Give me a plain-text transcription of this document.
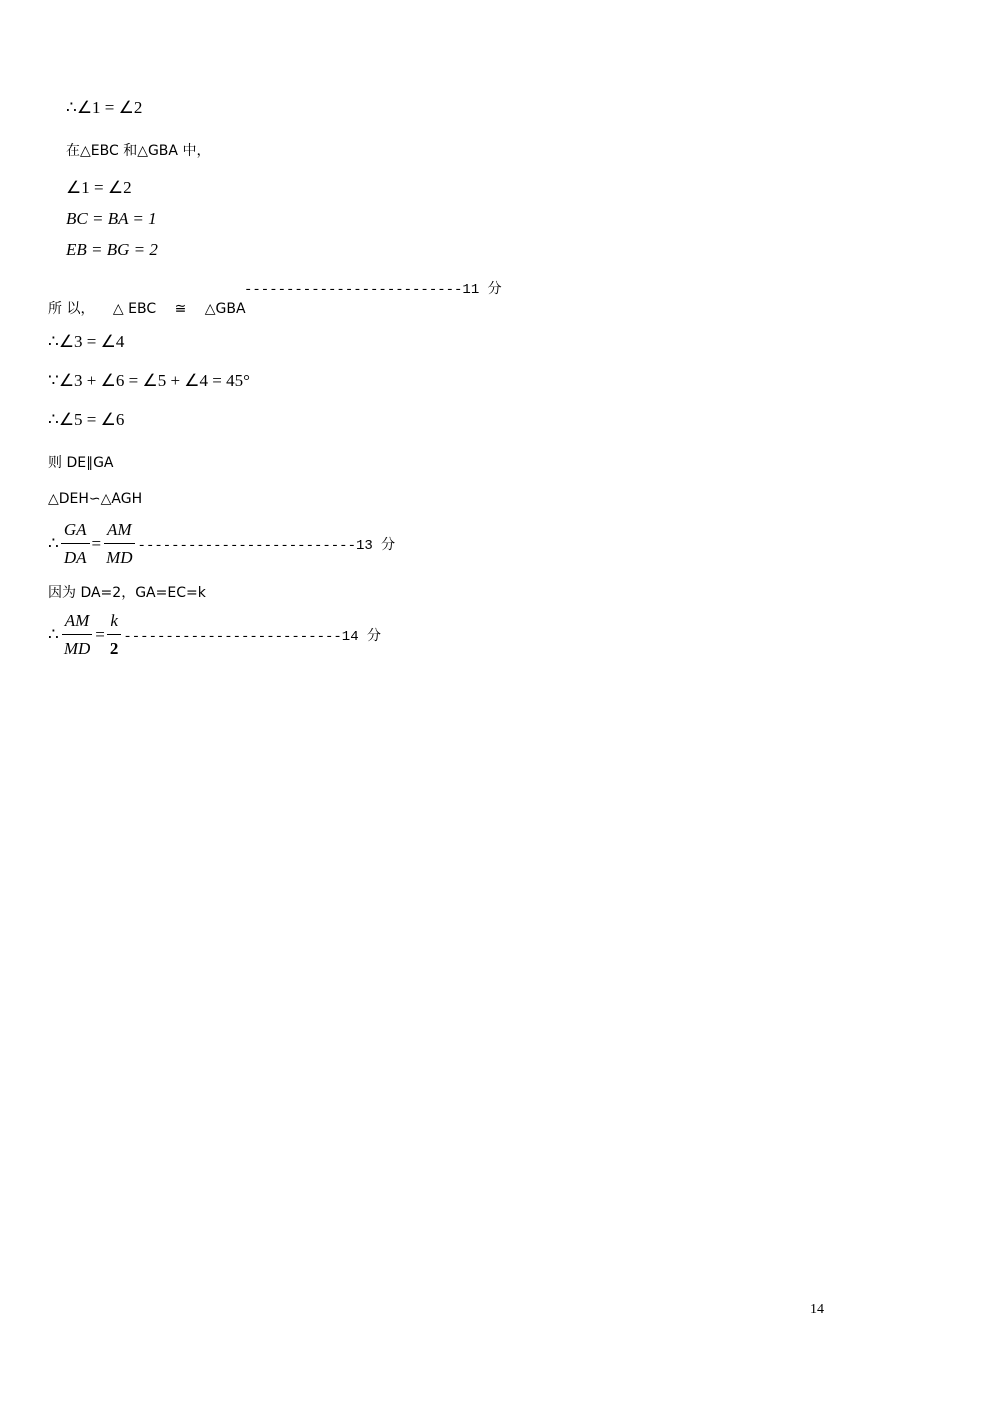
∴∠1 = ∠2
在△EBC 和△GBA 中，
∠1 = ∠2
BC = BA = 1
EB = BG = 2
--------------------------11 分
所 以， △ EBC ≅ △GBA
∴∠3 = ∠4
∵∠3 + ∠6 = ∠5 + ∠4 = 45°
∴∠5 = ∠6
则 DE∥GA
△DEH∽△AGH
∴ $\frac{GA}{DA} = \frac{AM}{MD} --------------------------13$ 分
因为 DA=2，GA=EC=k
∴ $\frac{AM}{MD} = \frac{k}{2} --------------------------14$ 分
14
